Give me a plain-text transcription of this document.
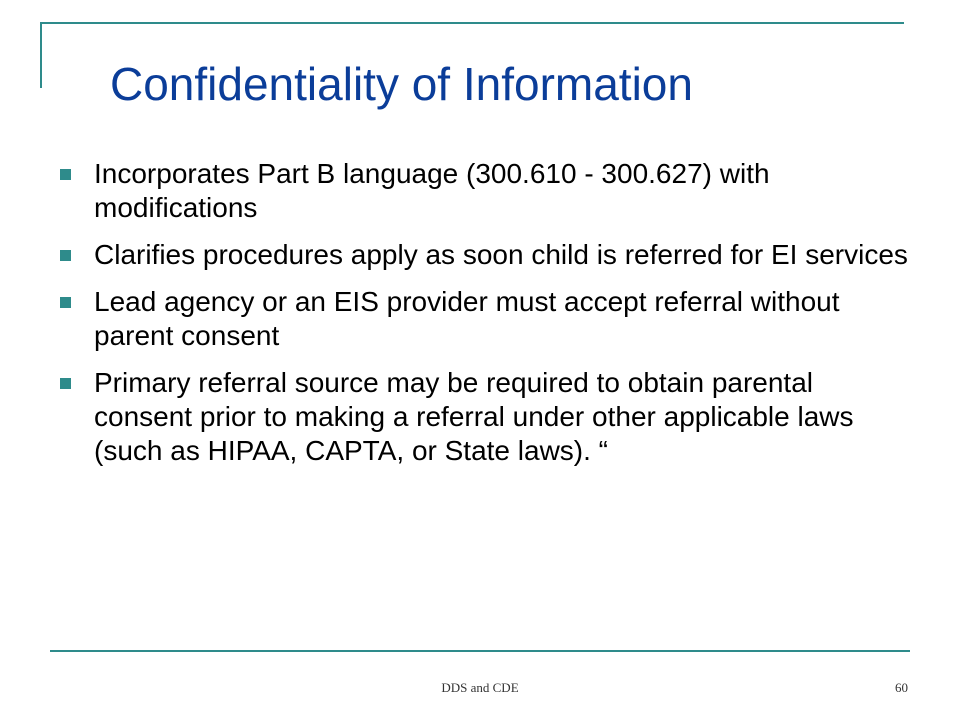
Confidentiality of Information
Incorporates Part B language (300.610 - 300.627) with modifications
Clarifies procedures apply as soon child is referred for EI services
Lead agency or an EIS provider must accept referral without parent consent
Primary referral source may be required to obtain parental consent prior to making a referral under other applicable laws (such as HIPAA, CAPTA, or State laws). “
DDS and CDE	60
